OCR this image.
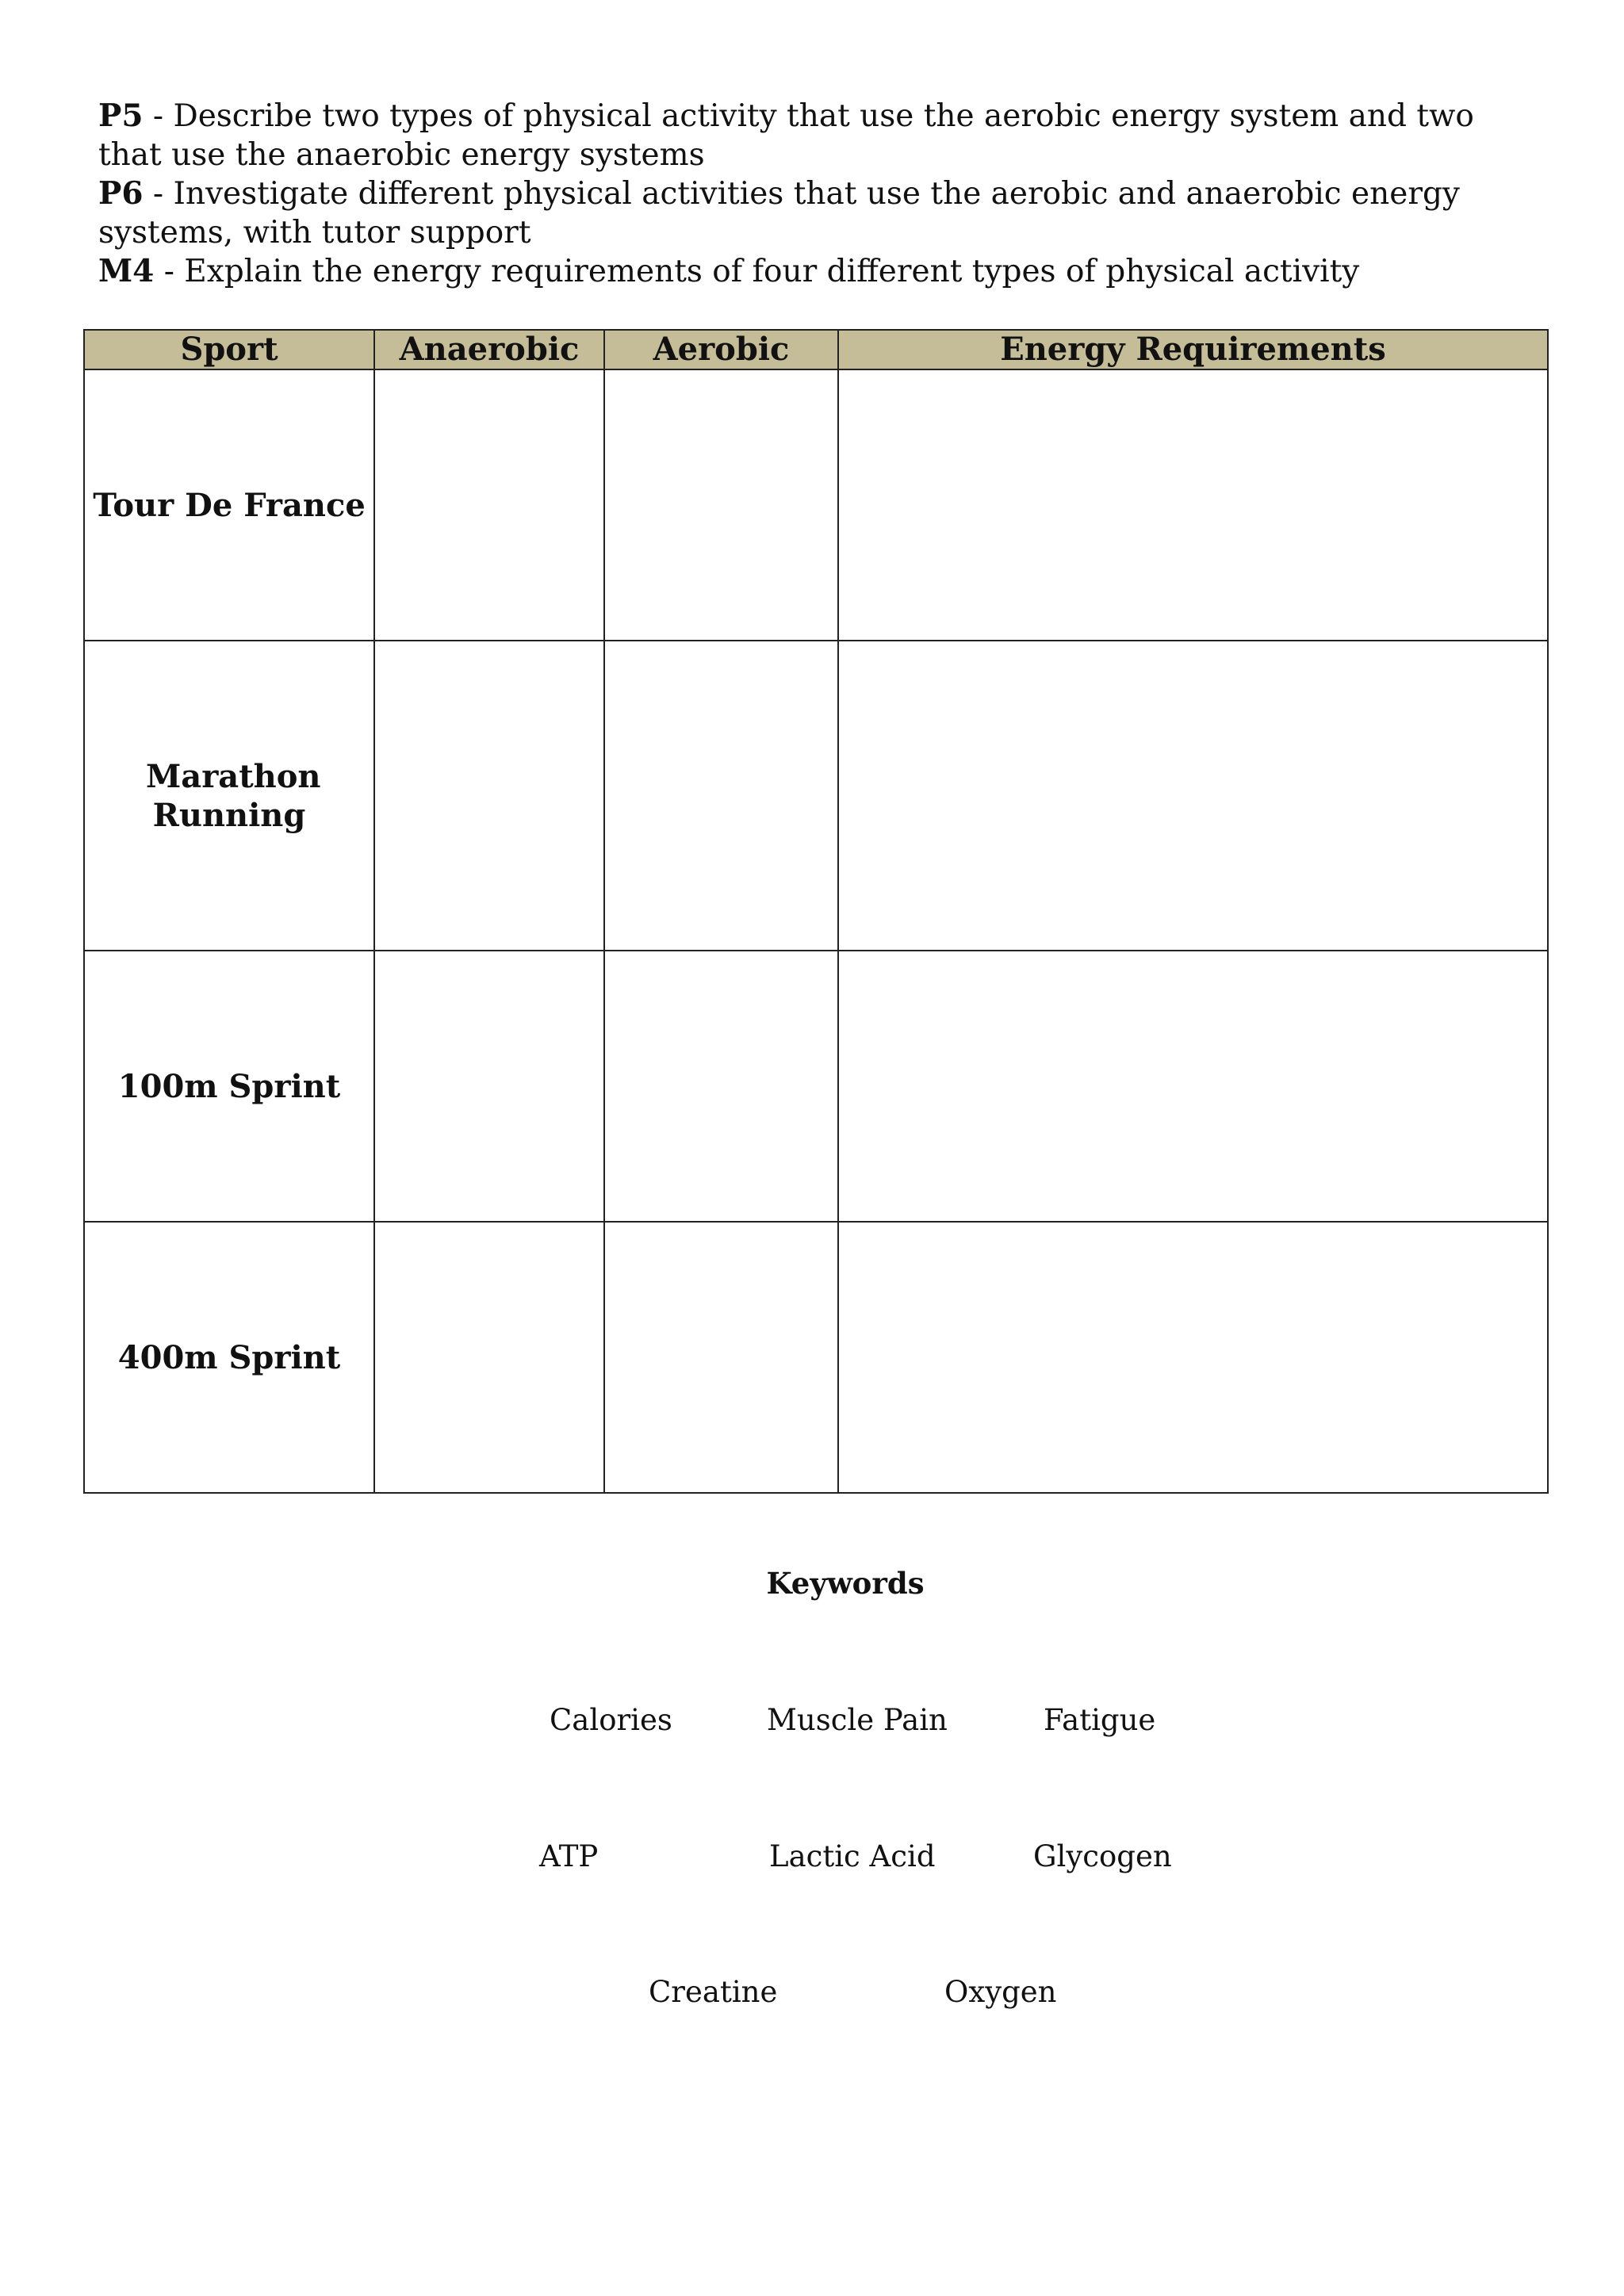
P5 - Describe two types of physical activity that use the aerobic energy system and two that use the anaerobic energy systems

P6 - Investigate different physical activities that use the aerobic and anaerobic energy systems, with tutor support

M4 - Explain the energy requirements of four different types of physical activity

Sport	Anaerobic	Aerobic	Energy Requirements
Tour De France			

Marathon Running			

100m Sprint			
400m Sprint			
Keywords
Calories	Muscle Pain	Fatigue
ATP	Lactic Acid	Glycogen
Creatine	Oxygen
